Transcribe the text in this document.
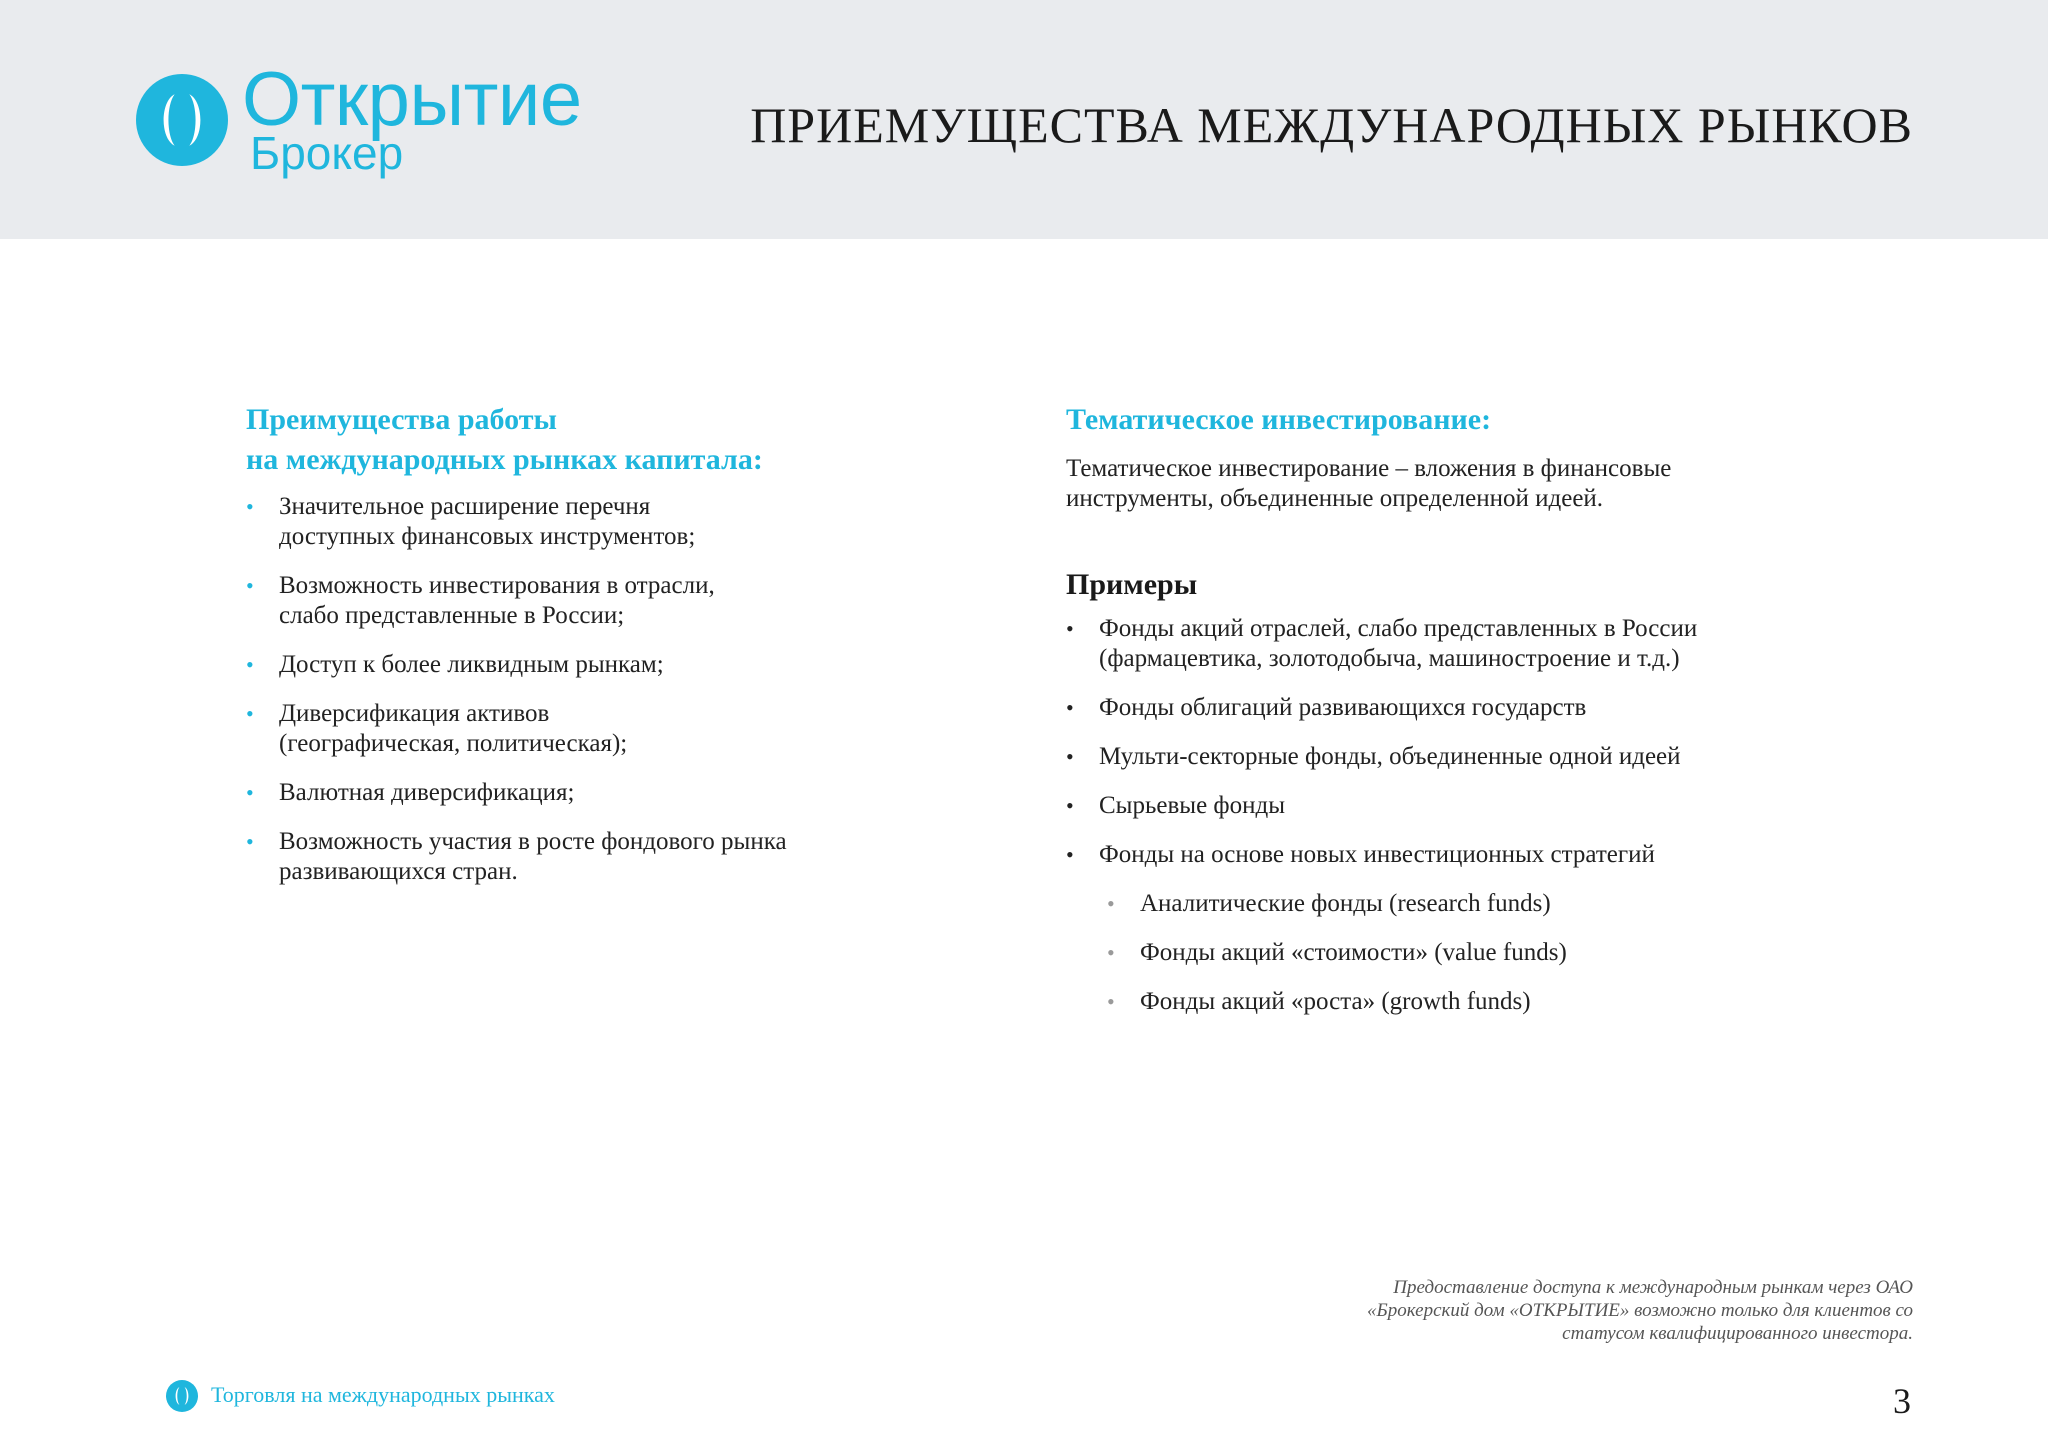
Открытие
Брокер	ПРИЕМУЩЕСТВА МЕЖДУНАРОДНЫХ РЫНКОВ
Преимущества работы
на международных рынках капитала:
• Значительное расширение перечня доступных финансовых инструментов;
• Возможность инвестирования в отрасли, слабо представленные в России;
• Доступ к более ликвидным рынкам;
• Диверсификация активов (географическая, политическая);
• Валютная диверсификация;
• Возможность участия в росте фондового рынка развивающихся стран.
Тематическое инвестирование:

Тематическое инвестирование – вложения в финансовые инструменты, объединенные определенной идеей.

Примеры
• Фонды акций отраслей, слабо представленных в России (фармацевтика, золотодобыча, машиностроение и т.д.)
• Фонды облигаций развивающихся государств
• Мульти-секторные фонды, объединенные одной идеей
• Сырьевые фонды
• Фонды на основе новых инвестиционных стратегий
• Аналитические фонды (research funds)
• Фонды акций «стоимости» (value funds)
• Фонды акций «роста» (growth funds)
Предоставление доступа к международным рынкам через ОАО «Брокерский дом «ОТКРЫТИЕ» возможно только для клиентов со статусом квалифицированного инвестора.
Торговля на международных рынках	3
